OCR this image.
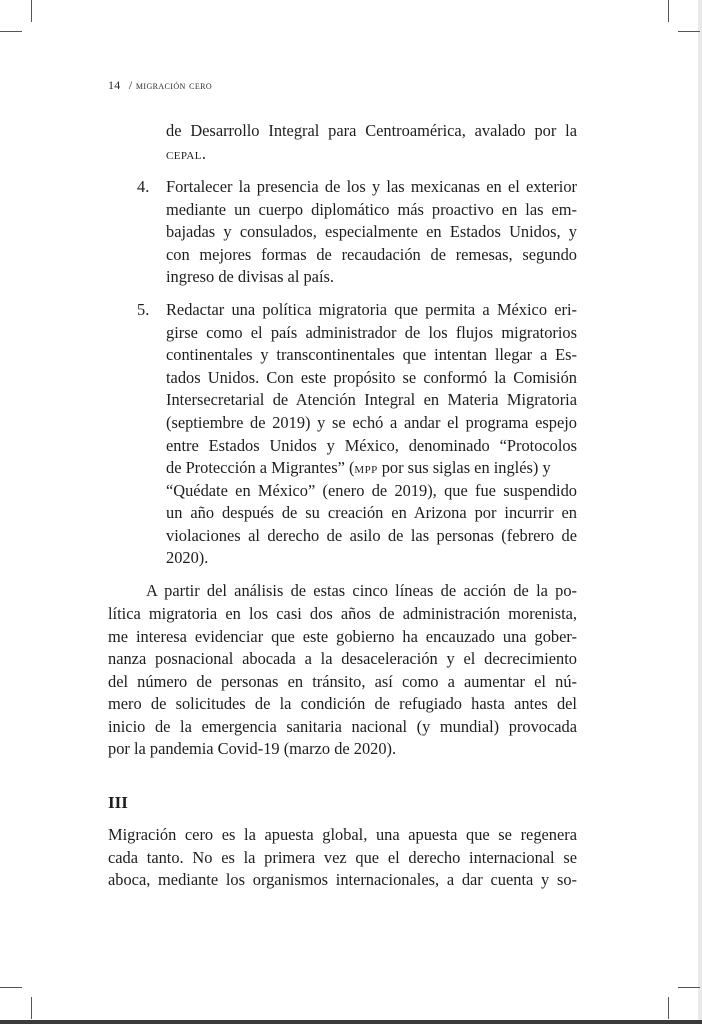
14 / migración cero
de Desarrollo Integral para Centroamérica, avalado por la
cepal.
4. Fortalecer la presencia de los y las mexicanas en el exterior
mediante un cuerpo diplomático más proactivo en las em-
bajadas y consulados, especialmente en Estados Unidos, y
con mejores formas de recaudación de remesas, segundo
ingreso de divisas al país.
5. Redactar una política migratoria que permita a México eri-
girse como el país administrador de los flujos migratorios
continentales y transcontinentales que intentan llegar a Es-
tados Unidos. Con este propósito se conformó la Comisión
Intersecretarial de Atención Integral en Materia Migratoria
(septiembre de 2019) y se echó a andar el programa espejo
entre Estados Unidos y México, denominado “Protocolos
de Protección a Migrantes” (mpp por sus siglas en inglés) y
“Quédate en México” (enero de 2019), que fue suspendido
un año después de su creación en Arizona por incurrir en
violaciones al derecho de asilo de las personas (febrero de
2020).
A partir del análisis de estas cinco líneas de acción de la po-
lítica migratoria en los casi dos años de administración morenista,
me interesa evidenciar que este gobierno ha encauzado una gober-
nanza posnacional abocada a la desaceleración y el decrecimiento
del número de personas en tránsito, así como a aumentar el nú-
mero de solicitudes de la condición de refugiado hasta antes del
inicio de la emergencia sanitaria nacional (y mundial) provocada
por la pandemia Covid-19 (marzo de 2020).
III
Migración cero es la apuesta global, una apuesta que se regenera
cada tanto. No es la primera vez que el derecho internacional se
aboca, mediante los organismos internacionales, a dar cuenta y so-
